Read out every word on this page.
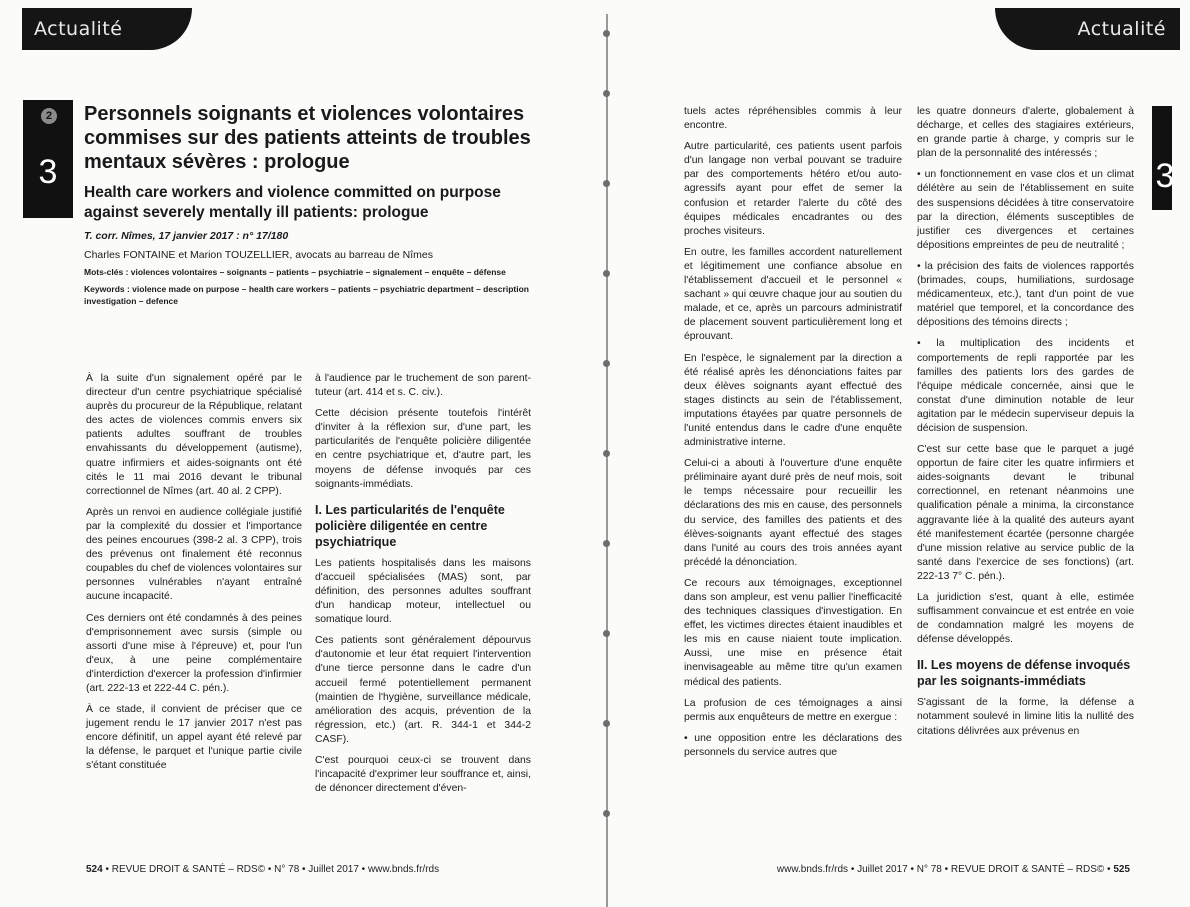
Actualité
2
3
Personnels soignants et violences volontaires commises sur des patients atteints de troubles mentaux sévères : prologue
Health care workers and violence committed on purpose against severely mentally ill patients: prologue
T. corr. Nîmes, 17 janvier 2017 : n° 17/180
Charles FONTAINE et Marion TOUZELLIER, avocats au barreau de Nîmes
Mots-clés : violences volontaires – soignants – patients – psychiatrie – signalement – enquête – défense
Keywords : violence made on purpose – health care workers – patients – psychiatric department – description investigation – defence

À la suite d'un signalement opéré par le directeur d'un centre psychiatrique spécialisé auprès du procureur de la République, relatant des actes de violences commis envers six patients adultes souffrant de troubles envahissants du développement (autisme), quatre infirmiers et aides-soignants ont été cités le 11 mai 2016 devant le tribunal correctionnel de Nîmes (art. 40 al. 2 CPP).

Après un renvoi en audience collégiale justifié par la complexité du dossier et l'importance des peines encourues (398-2 al. 3 CPP), trois des prévenus ont finalement été reconnus coupables du chef de violences volontaires sur personnes vulnérables n'ayant entraîné aucune incapacité.

Ces derniers ont été condamnés à des peines d'emprisonnement avec sursis (simple ou assorti d'une mise à l'épreuve) et, pour l'un d'eux, à une peine complémentaire d'interdiction d'exercer la profession d'infirmier (art. 222-13 et 222-44 C. pén.).

À ce stade, il convient de préciser que ce jugement rendu le 17 janvier 2017 n'est pas encore définitif, un appel ayant été relevé par la défense, le parquet et l'unique partie civile s'étant constituée

à l'audience par le truchement de son parent-tuteur (art. 414 et s. C. civ.).

Cette décision présente toutefois l'intérêt d'inviter à la réflexion sur, d'une part, les particularités de l'enquête policière diligentée en centre psychiatrique et, d'autre part, les moyens de défense invoqués par ces soignants-immédiats.

I. Les particularités de l'enquête policière diligentée en centre psychiatrique

Les patients hospitalisés dans les maisons d'accueil spécialisées (MAS) sont, par définition, des personnes adultes souffrant d'un handicap moteur, intellectuel ou somatique lourd.

Ces patients sont généralement dépourvus d'autonomie et leur état requiert l'intervention d'une tierce personne dans le cadre d'un accueil fermé potentiellement permanent (maintien de l'hygiène, surveillance médicale, amélioration des acquis, prévention de la régression, etc.) (art. R. 344-1 et 344-2 CASF).

C'est pourquoi ceux-ci se trouvent dans l'incapacité d'exprimer leur souffrance et, ainsi, de dénoncer directement d'éven-

524 • REVUE DROIT & SANTÉ – RDS© • N° 78 • Juillet 2017 • www.bnds.fr/rds
Actualité
www.bnds.fr/rds • Juillet 2017 • N° 78 • REVUE DROIT & SANTÉ – RDS© • 525
3

tuels actes répréhensibles commis à leur encontre.

Autre particularité, ces patients usent parfois d'un langage non verbal pouvant se traduire par des comportements hétéro et/ou auto-agressifs ayant pour effet de semer la confusion et retarder l'alerte du côté des équipes médicales encadrantes ou des proches visiteurs.

En outre, les familles accordent naturellement et légitimement une confiance absolue en l'établissement d'accueil et le personnel « sachant » qui œuvre chaque jour au soutien du malade, et ce, après un parcours administratif de placement souvent particulièrement long et éprouvant.

En l'espèce, le signalement par la direction a été réalisé après les dénonciations faites par deux élèves soignants ayant effectué des stages distincts au sein de l'établissement, imputations étayées par quatre personnels de l'unité entendus dans le cadre d'une enquête administrative interne.

Celui-ci a abouti à l'ouverture d'une enquête préliminaire ayant duré près de neuf mois, soit le temps nécessaire pour recueillir les déclarations des mis en cause, des personnels du service, des familles des patients et des élèves-soignants ayant effectué des stages dans l'unité au cours des trois années ayant précédé la dénonciation.

Ce recours aux témoignages, exceptionnel dans son ampleur, est venu pallier l'inefficacité des techniques classiques d'investigation. En effet, les victimes directes étaient inaudibles et les mis en cause niaient toute implication. Aussi, une mise en présence était inenvisageable au même titre qu'un examen médical des patients.

La profusion de ces témoignages a ainsi permis aux enquêteurs de mettre en exergue :

• une opposition entre les déclarations des personnels du service autres que

les quatre donneurs d'alerte, globalement à décharge, et celles des stagiaires extérieurs, en grande partie à charge, y compris sur le plan de la personnalité des intéressés ;

• un fonctionnement en vase clos et un climat délétère au sein de l'établissement en suite des suspensions décidées à titre conservatoire par la direction, éléments susceptibles de justifier ces divergences et certaines dépositions empreintes de peu de neutralité ;

• la précision des faits de violences rapportés (brimades, coups, humiliations, surdosage médicamenteux, etc.), tant d'un point de vue matériel que temporel, et la concordance des dépositions des témoins directs ;

• la multiplication des incidents et comportements de repli rapportée par les familles des patients lors des gardes de l'équipe médicale concernée, ainsi que le constat d'une diminution notable de leur agitation par le médecin superviseur depuis la décision de suspension.

C'est sur cette base que le parquet a jugé opportun de faire citer les quatre infirmiers et aides-soignants devant le tribunal correctionnel, en retenant néanmoins une qualification pénale a minima, la circonstance aggravante liée à la qualité des auteurs ayant été manifestement écartée (personne chargée d'une mission relative au service public de la santé dans l'exercice de ses fonctions) (art. 222-13 7° C. pén.).

La juridiction s'est, quant à elle, estimée suffisamment convaincue et est entrée en voie de condamnation malgré les moyens de défense développés.

II. Les moyens de défense invoqués par les soignants-immédiats

S'agissant de la forme, la défense a notamment soulevé in limine litis la nullité des citations délivrées aux prévenus en
